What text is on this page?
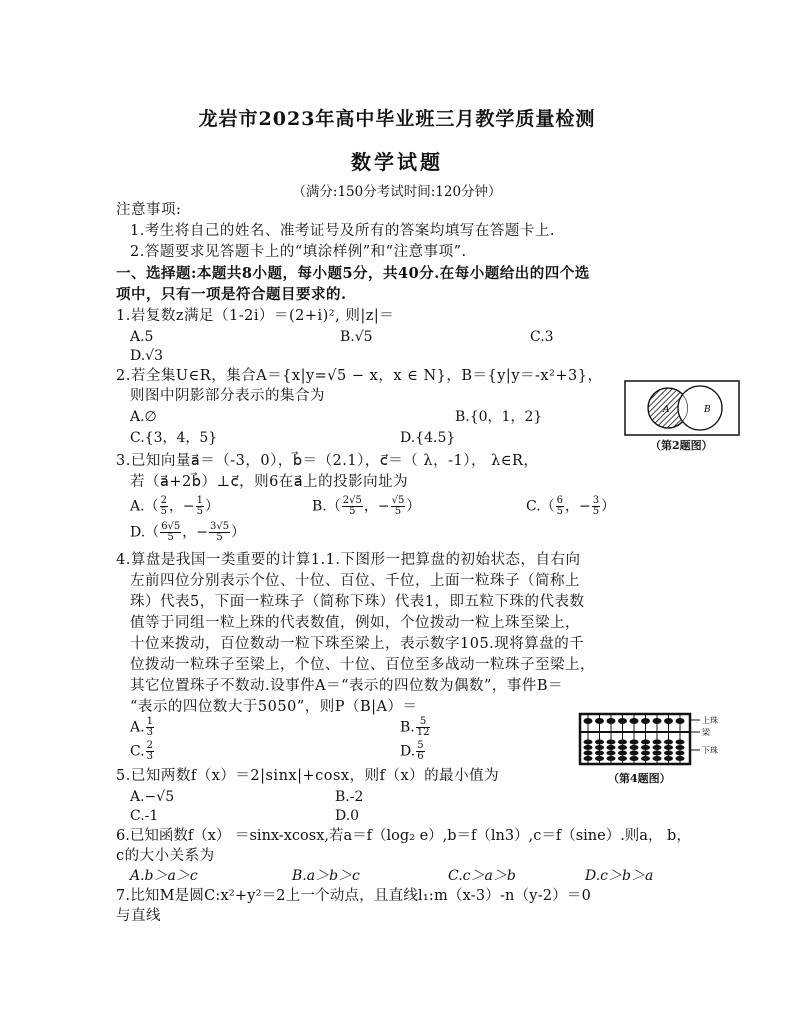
龙岩市2023年高中毕业班三月教学质量检测
数学试题
（满分:150分考试时间:120分钟）
注意事项:
1.考生将自己的姓名、准考证号及所有的答案均填写在答题卡上.
2.答题要求见答题卡上的“填涂样例”和“注意事项”.
一、选择题:本题共8小题，每小题5分，共40分.在每小题给出的四个选
项中，只有一项是符合题目要求的.
1.岩复数z满足（1-2i）＝(2+i)², 则|z|＝
A.5	B.√5	C.3
D.√3
2.若全集U∈R，集合A＝{x|y=√5 − x，x ∈ N}，B＝{y|y＝-x²+3}，
则图中阴影部分表示的集合为
A.∅	B.{0，1，2}
C.{3，4，5}	D.{4.5}
A	B
（第2题图）
3.已知向量a⃗＝（-3，0），b⃗＝（2.1），c⃗＝（ λ，-1）， λ∈R，
若（a⃗+2b⃗）⊥c⃗，则6在a⃗上的投影向址为
$A.( \frac{2}{5}$ ，− $\frac{1}{5}$ ）	$B.( \frac{2√5}{5}$ ，− $\frac{√5}{5}$ ）	$C.( \frac{6}{5}$ ，− $\frac{3}{5}$ ）
$D.( \frac{6√5}{5}$ ，− $\frac{3√5}{5}$ ）
4.算盘是我国一类重要的计算1.1.下图形一把算盘的初始状态，自右向
左前四位分别表示个位、十位、百位、千位，上面一粒珠子（简称上
珠）代表5，下面一粒珠子（简称下珠）代表1，即五粒下珠的代表数
值等于同组一粒上珠的代表数值，例如，个位拨动一粒上珠至梁上，
十位来拨动，百位数动一粒下珠至梁上，表示数字105.现将算盘的千
位拨动一粒珠子至梁上，个位、十位、百位至多战动一粒珠子至梁上，
其它位置珠子不数动.设事件A＝“表示的四位数为偶数”，事件B＝
“表示的四位数大于5050”，则P（B|A）＝
A. $\frac{1}{3}$	B. $\frac{5}{12}$
C. $\frac{2}{3}$	D. $\frac{5}{6}$
上珠
梁
下珠
（第4题图）
5.已知两数f（x）＝2|sinx|+cosx，则f（x）的最小值为
A.−√5	B.-2
C.-1	D.0
6.已知函数f（x） ＝sinx-xcosx,若a＝f（log₂ e）,b＝f（ln3）,c＝f（sine）.则a， b，
c的大小关系为
A.b＞a＞c	B.a＞b＞c	C.c＞a＞b	D.c＞b＞a
7.比知M是圆C:x²+y²＝2上一个动点，且直线l₁:m（x-3）-n（y-2）＝0
与直线
